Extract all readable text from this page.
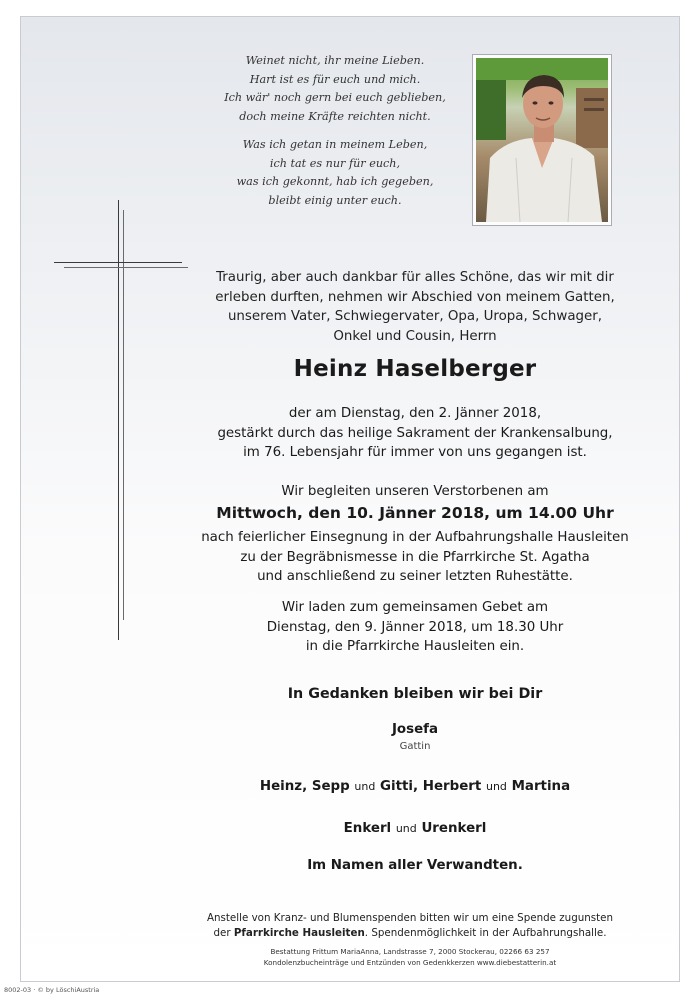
Weinet nicht, ihr meine Lieben.
Hart ist es für euch und mich.
Ich wär' noch gern bei euch geblieben,
doch meine Kräfte reichten nicht.
Was ich getan in meinem Leben,
ich tat es nur für euch,
was ich gekonnt, hab ich gegeben,
bleibt einig unter euch.
Traurig, aber auch dankbar für alles Schöne, das wir mit dir
erleben durften, nehmen wir Abschied von meinem Gatten,
unserem Vater, Schwiegervater, Opa, Uropa, Schwager,
Onkel und Cousin, Herrn
Heinz Haselberger
der am Dienstag, den 2. Jänner 2018,
gestärkt durch das heilige Sakrament der Krankensalbung,
im 76. Lebensjahr für immer von uns gegangen ist.
Wir begleiten unseren Verstorbenen am
Mittwoch, den 10. Jänner 2018, um 14.00 Uhr
nach feierlicher Einsegnung in der Aufbahrungshalle Hausleiten
zu der Begräbnismesse in die Pfarrkirche St. Agatha
und anschließend zu seiner letzten Ruhestätte.
Wir laden zum gemeinsamen Gebet am
Dienstag, den 9. Jänner 2018, um 18.30 Uhr
in die Pfarrkirche Hausleiten ein.
In Gedanken bleiben wir bei Dir
Josefa
Gattin
Heinz, Sepp und Gitti, Herbert und Martina
Enkerl und Urenkerl
Im Namen aller Verwandten.
Anstelle von Kranz- und Blumenspenden bitten wir um eine Spende zugunsten
der Pfarrkirche Hausleiten. Spendenmöglichkeit in der Aufbahrungshalle.
Bestattung Frittum MariaAnna, Landstrasse 7, 2000 Stockerau, 02266 63 257
Kondolenzbucheinträge und Entzünden von Gedenkkerzen www.diebestatterin.at
8002-03 · © by LöschiAustria
